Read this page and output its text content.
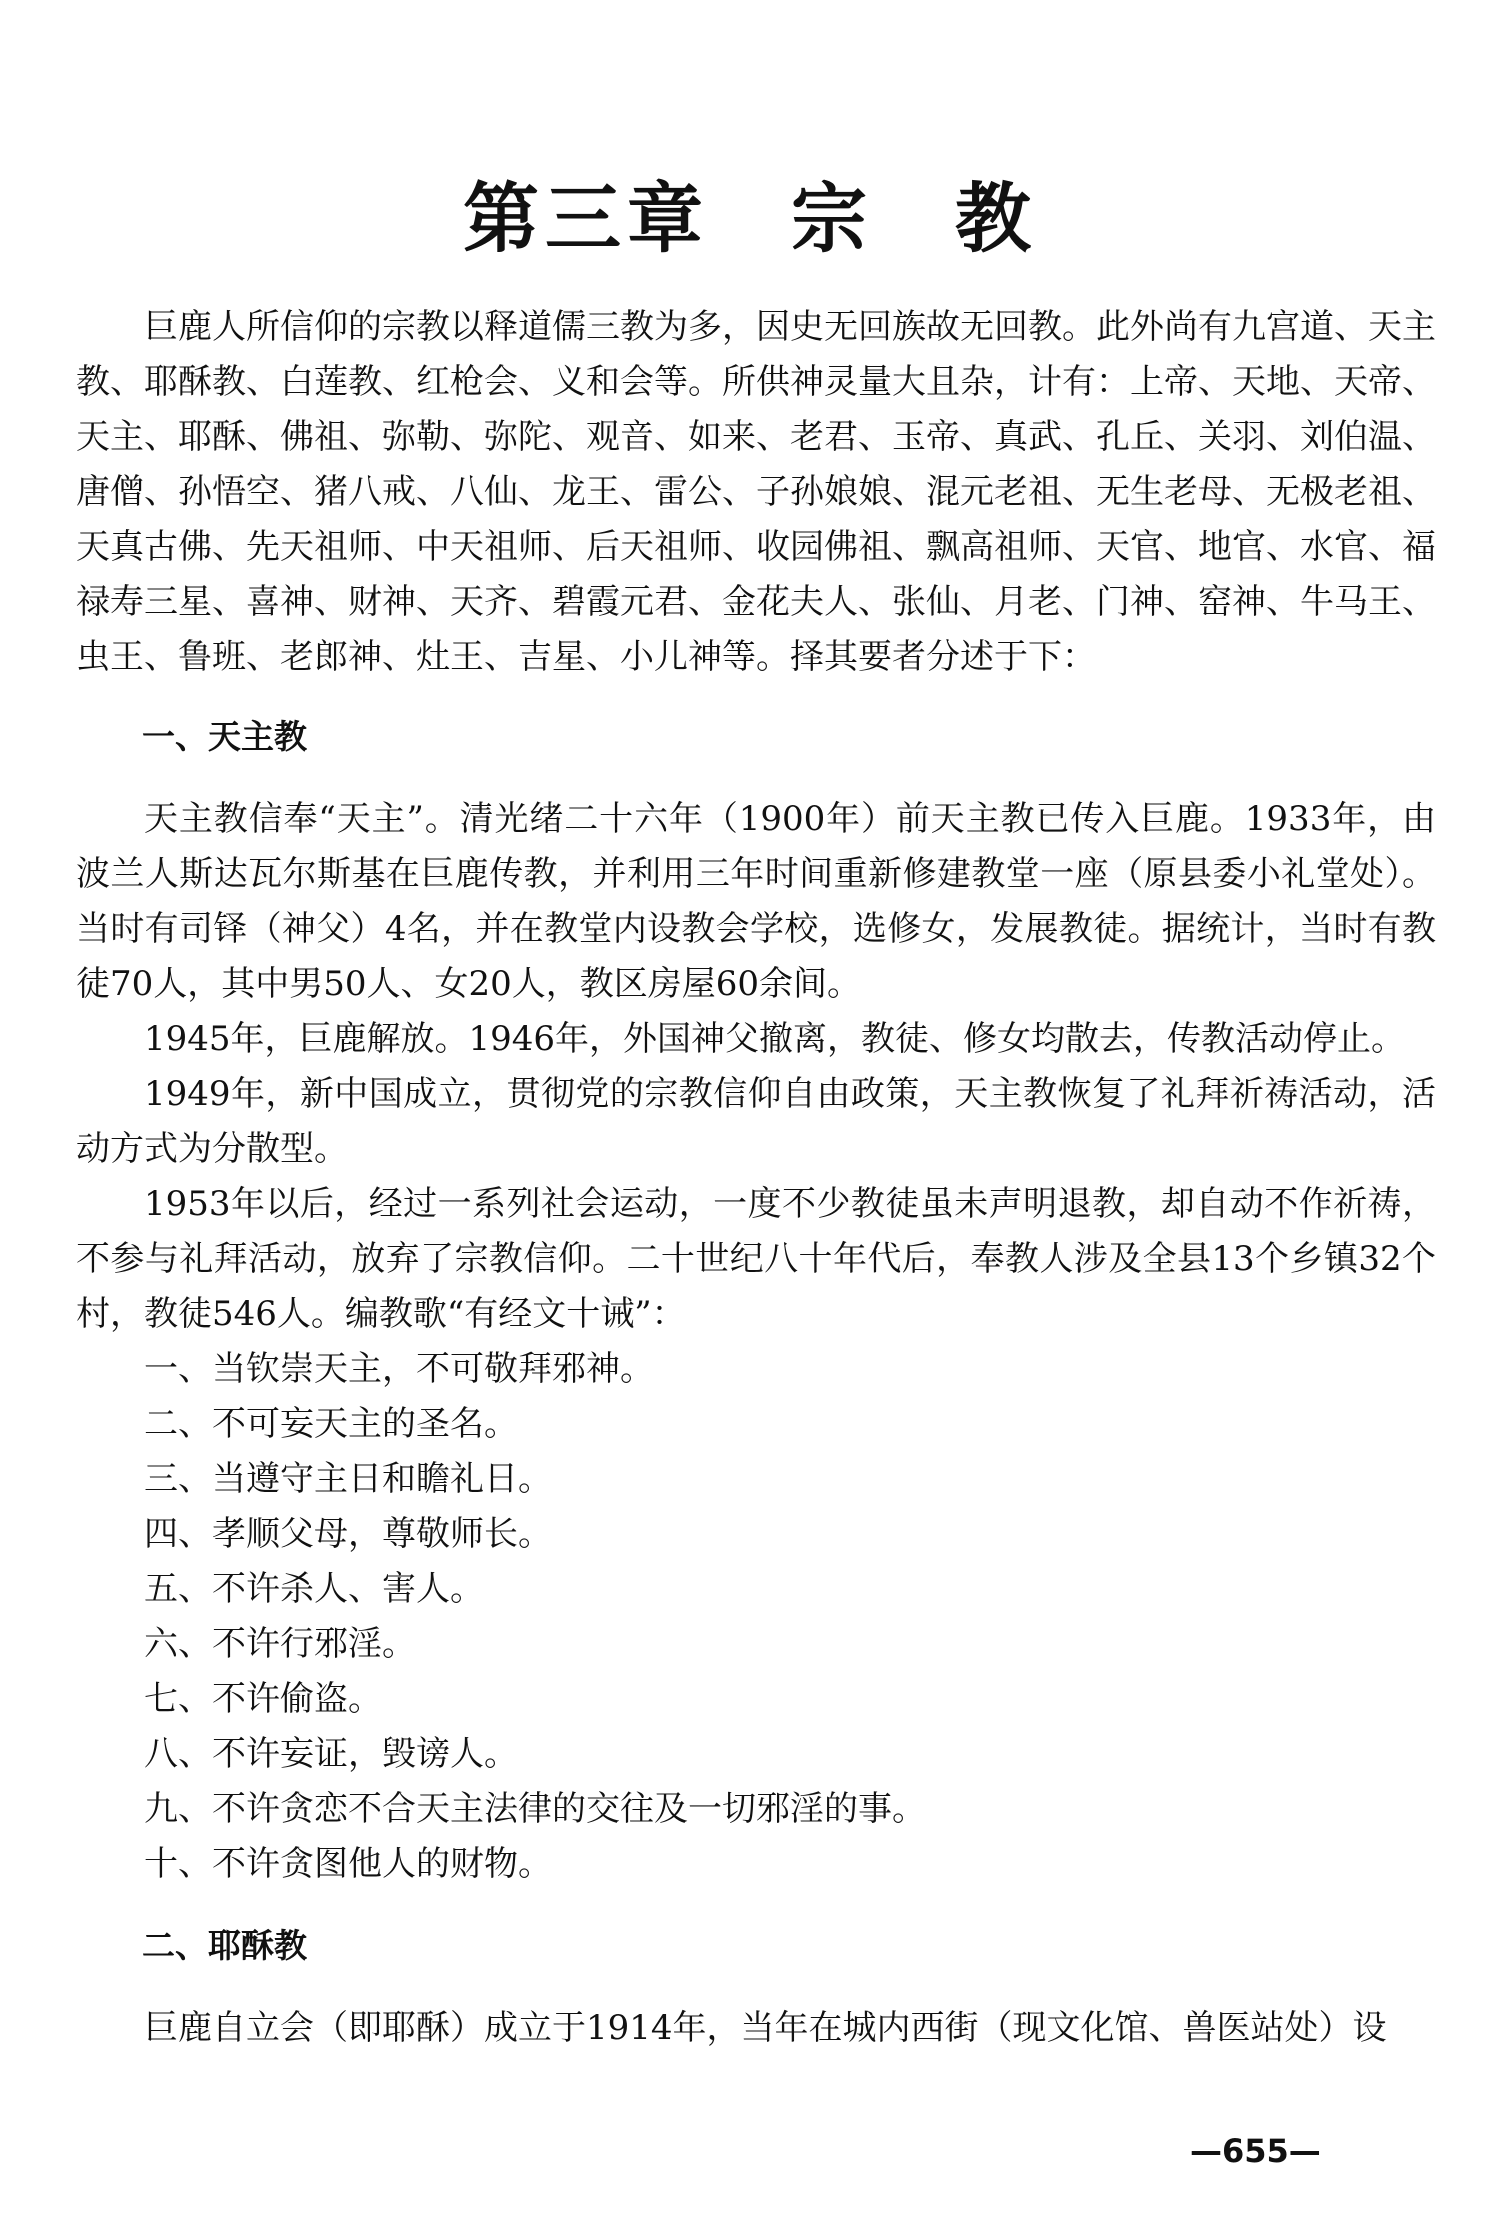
第三章　宗　教

巨鹿人所信仰的宗教以释道儒三教为多，因史无回族故无回教。此外尚有九宫道、天主教、耶酥教、白莲教、红枪会、义和会等。所供神灵量大且杂，计有：上帝、天地、天帝、天主、耶酥、佛祖、弥勒、弥陀、观音、如来、老君、玉帝、真武、孔丘、关羽、刘伯温、唐僧、孙悟空、猪八戒、八仙、龙王、雷公、子孙娘娘、混元老祖、无生老母、无极老祖、天真古佛、先天祖师、中天祖师、后天祖师、收园佛祖、飘高祖师、天官、地官、水官、福禄寿三星、喜神、财神、天齐、碧霞元君、金花夫人、张仙、月老、门神、窑神、牛马王、虫王、鲁班、老郎神、灶王、吉星、小儿神等。择其要者分述于下：

一、天主教

天主教信奉“天主”。清光绪二十六年（1900年）前天主教已传入巨鹿。1933年，由波兰人斯达瓦尔斯基在巨鹿传教，并利用三年时间重新修建教堂一座（原县委小礼堂处）。当时有司铎（神父）4名，并在教堂内设教会学校，选修女，发展教徒。据统计，当时有教徒70人，其中男50人、女20人，教区房屋60余间。

1945年，巨鹿解放。1946年，外国神父撤离，教徒、修女均散去，传教活动停止。

1949年，新中国成立，贯彻党的宗教信仰自由政策，天主教恢复了礼拜祈祷活动，活动方式为分散型。

1953年以后，经过一系列社会运动，一度不少教徒虽未声明退教，却自动不作祈祷，不参与礼拜活动，放弃了宗教信仰。二十世纪八十年代后，奉教人涉及全县13个乡镇32个村，教徒546人。编教歌“有经文十诫”：

一、当钦崇天主，不可敬拜邪神。

二、不可妄天主的圣名。

三、当遵守主日和瞻礼日。

四、孝顺父母，尊敬师长。

五、不许杀人、害人。

六、不许行邪淫。

七、不许偷盗。

八、不许妄证，毁谤人。

九、不许贪恋不合天主法律的交往及一切邪淫的事。

十、不许贪图他人的财物。

二、耶酥教

巨鹿自立会（即耶酥）成立于1914年，当年在城内西街（现文化馆、兽医站处）设

—655—
